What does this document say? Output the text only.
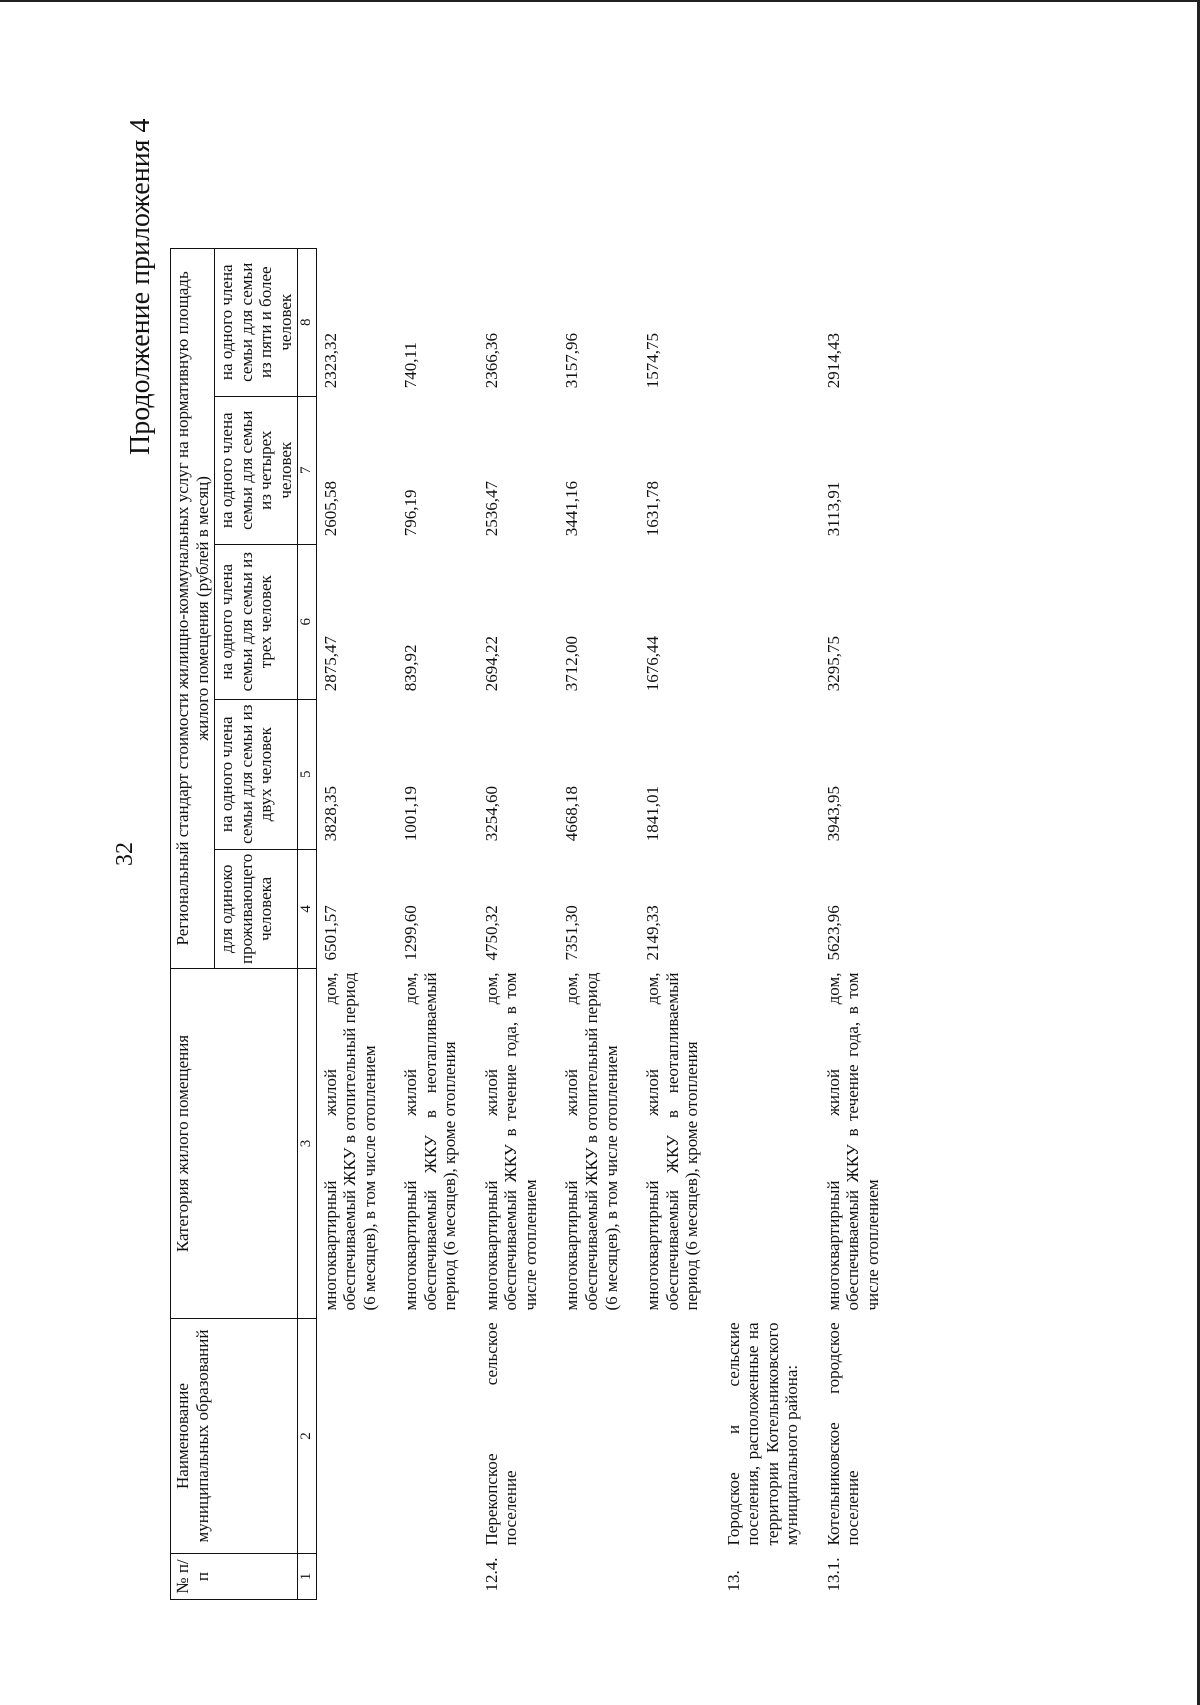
32
Продолжение приложения 4
№ п/п	Наименование муниципальных образований	Категория жилого помещения	Региональный стандарт стоимости жилищно-коммунальных услуг на нормативную площадь жилого помещения (рублей в месяц)				
			для одиноко проживающего человека	на одного члена семьи для семьи из двух человек	на одного члена семьи для семьи из трех человек	на одного члена семьи для семьи из четырех человек	на одного члена семьи для семьи из пяти и более человек
1	2	3	4	5	6	7	8
		многоквартирный жилой дом, обеспечиваемый ЖКУ в отопительный период (6 месяцев), в том числе отоплением	6501,57	3828,35	2875,47	2605,58	2323,32
		многоквартирный жилой дом, обеспечиваемый ЖКУ в неотапливаемый период (6 месяцев), кроме отопления	1299,60	1001,19	839,92	796,19	740,11
12.4.	Перекопское сельское поселение	многоквартирный жилой дом, обеспечиваемый ЖКУ в течение года, в том числе отоплением	4750,32	3254,60	2694,22	2536,47	2366,36
		многоквартирный жилой дом, обеспечиваемый ЖКУ в отопительный период (6 месяцев), в том числе отоплением	7351,30	4668,18	3712,00	3441,16	3157,96
		многоквартирный жилой дом, обеспечиваемый ЖКУ в неотапливаемый период (6 месяцев), кроме отопления	2149,33	1841,01	1676,44	1631,78	1574,75
13.	Городское и сельские поселения, расположенные на территории Котельниковского муниципального района:						
13.1.	Котельниковское городское поселение	многоквартирный жилой дом, обеспечиваемый ЖКУ в течение года, в том числе отоплением	5623,96	3943,95	3295,75	3113,91	2914,43
